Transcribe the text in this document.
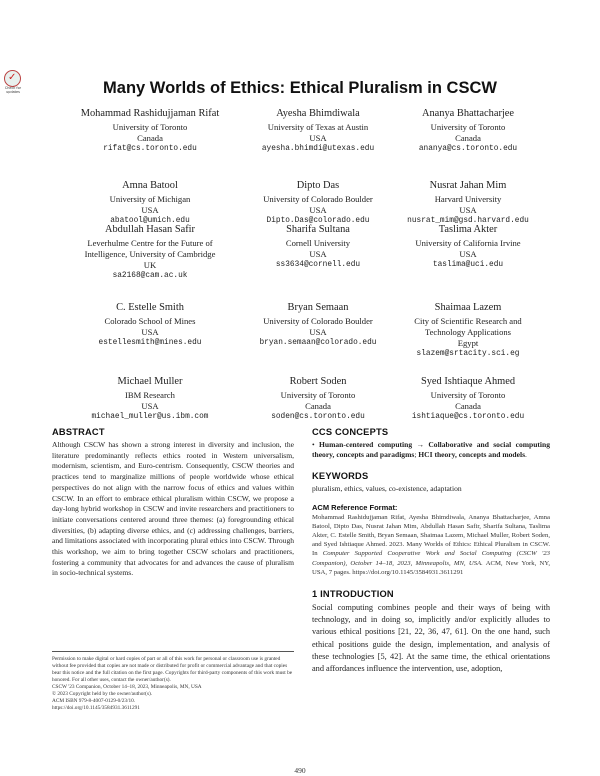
✓
Check for updates	Many Worlds of Ethics: Ethical Pluralism in CSCW
Mohammad Rashidujjaman Rifat
University of Toronto
Canada
rifat@cs.toronto.edu
Ayesha Bhimdiwala
University of Texas at Austin
USA
ayesha.bhimdi@utexas.edu
Ananya Bhattacharjee
University of Toronto
Canada
ananya@cs.toronto.edu
Amna Batool
University of Michigan
USA
abatool@umich.edu
Dipto Das
University of Colorado Boulder
USA
Dipto.Das@colorado.edu
Nusrat Jahan Mim
Harvard University
USA
nusrat_mim@gsd.harvard.edu
Abdullah Hasan Safir
Leverhulme Centre for the Future of
Intelligence, University of Cambridge
UK
sa2168@cam.ac.uk
Sharifa Sultana
Cornell University
USA
ss3634@cornell.edu
Taslima Akter
University of California Irvine
USA
taslima@uci.edu
C. Estelle Smith
Colorado School of Mines
USA
estellesmith@mines.edu
Bryan Semaan
University of Colorado Boulder
USA
bryan.semaan@colorado.edu
Shaimaa Lazem
City of Scientific Research and
Technology Applications
Egypt
slazem@srtacity.sci.eg
Michael Muller
IBM Research
USA
michael_muller@us.ibm.com
Robert Soden
University of Toronto
Canada
soden@cs.toronto.edu
Syed Ishtiaque Ahmed
University of Toronto
Canada
ishtiaque@cs.toronto.edu
ABSTRACT
Although CSCW has shown a strong interest in diversity and inclusion, the literature predominantly reflects ethics rooted in Western universalism, modernism, scientism, and Euro-centrism. Consequently, CSCW theories and practices tend to marginalize millions of people worldwide whose ethical perspectives do not align with the narrow focus of ethics and values within CSCW. In an effort to embrace ethical pluralism within CSCW, we propose a day-long hybrid workshop in CSCW and invite researchers and practitioners to initiate conversations centered around three themes: (a) foregrounding ethical diversities, (b) adapting diverse ethics, and (c) addressing challenges, barriers, and limitations associated with incorporating plural ethics into CSCW. Through this workshop, we aim to bring together CSCW scholars and practitioners, fostering a community that advocates for and advances the cause of pluralism in socio-technical systems.

Permission to make digital or hard copies of part or all of this work for personal or classroom use is granted without fee provided that copies are not made or distributed for profit or commercial advantage and that copies bear this notice and the full citation on the first page. Copyrights for third-party components of this work must be honored. For all other uses, contact the owner/author(s).

CSCW '23 Companion, October 14–18, 2023, Minneapolis, MN, USA

© 2023 Copyright held by the owner/author(s).

ACM ISBN 979-8-4007-0129-0/23/10.

https://doi.org/10.1145/3584931.3611291

CCS CONCEPTS
• Human-centered computing → Collaborative and social computing theory, concepts and paradigms; HCI theory, concepts and models.
KEYWORDS
pluralism, ethics, values, co-existence, adaptation
ACM Reference Format:
Mohammad Rashidujjaman Rifat, Ayesha Bhimdiwala, Ananya Bhattacharjee, Amna Batool, Dipto Das, Nusrat Jahan Mim, Abdullah Hasan Safir, Sharifa Sultana, Taslima Akter, C. Estelle Smith, Bryan Semaan, Shaimaa Lazem, Michael Muller, Robert Soden, and Syed Ishtiaque Ahmed. 2023. Many Worlds of Ethics: Ethical Pluralism in CSCW. In Computer Supported Cooperative Work and Social Computing (CSCW '23 Companion), October 14–18, 2023, Minneapolis, MN, USA. ACM, New York, NY, USA, 7 pages. https://doi.org/10.1145/3584931.3611291
1 INTRODUCTION
Social computing combines people and their ways of being with technology, and in doing so, implicitly and/or explicitly alludes to various ethical positions [21, 22, 36, 47, 61]. On the one hand, such ethical positions guide the design, implementation, and analysis of these technologies [5, 42]. At the same time, the ethical orientations and affordances influence the intervention, use, adoption,
490
